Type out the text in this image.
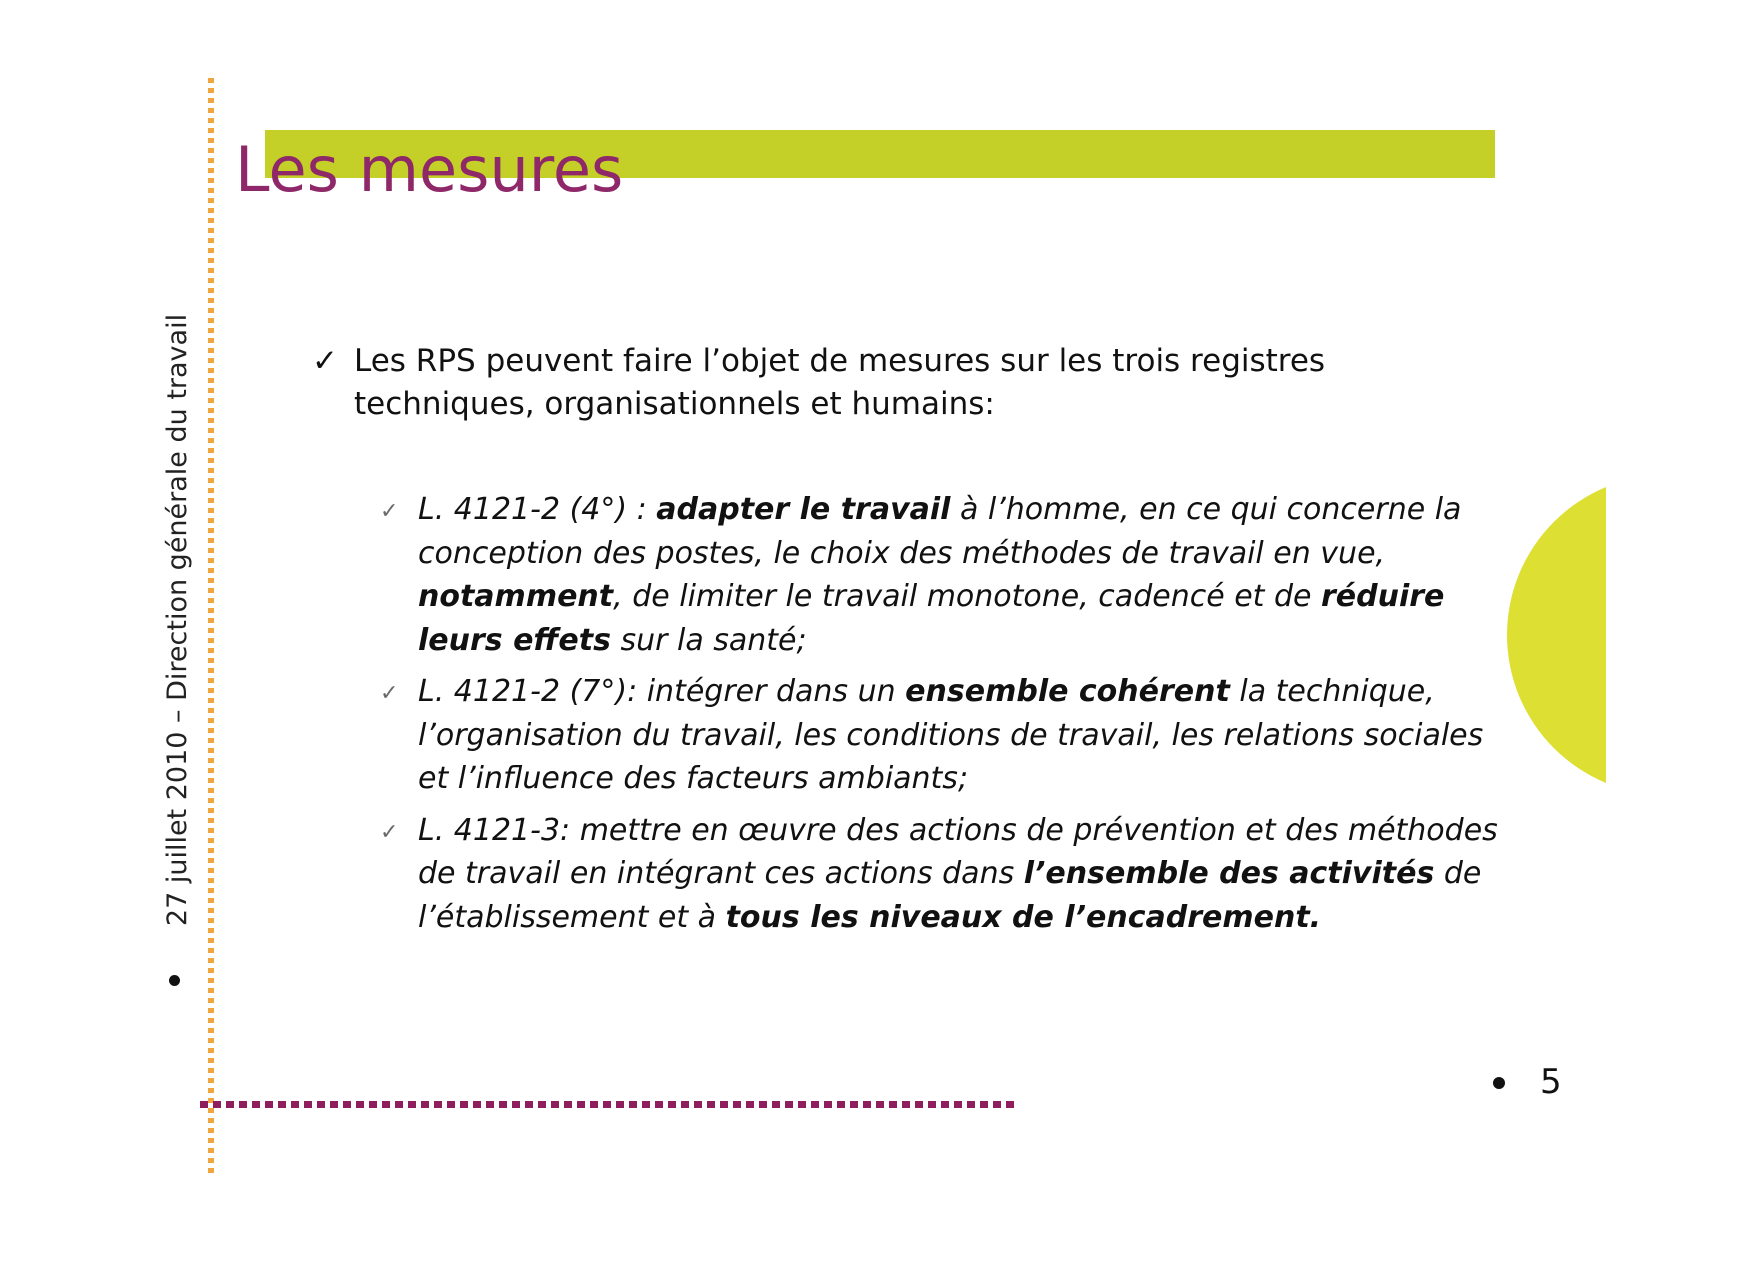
Les mesures
27 juillet 2010 – Direction générale du travail	✓ Les RPS peuvent faire l’objet de mesures sur les trois registres techniques, organisationnels et humains:
✓ L. 4121-2 (4°) : adapter le travail à l’homme, en ce qui concerne la conception des postes, le choix des méthodes de travail en vue, notamment, de limiter le travail monotone, cadencé et de réduire leurs effets sur la santé;
✓ L. 4121-2 (7°): intégrer dans un ensemble cohérent la technique, l’organisation du travail, les conditions de travail, les relations sociales et l’influence des facteurs ambiants;
✓ L. 4121-3: mettre en œuvre des actions de prévention et des méthodes de travail en intégrant ces actions dans l’ensemble des activités de l’établissement et à tous les niveaux de l’encadrement.
5
